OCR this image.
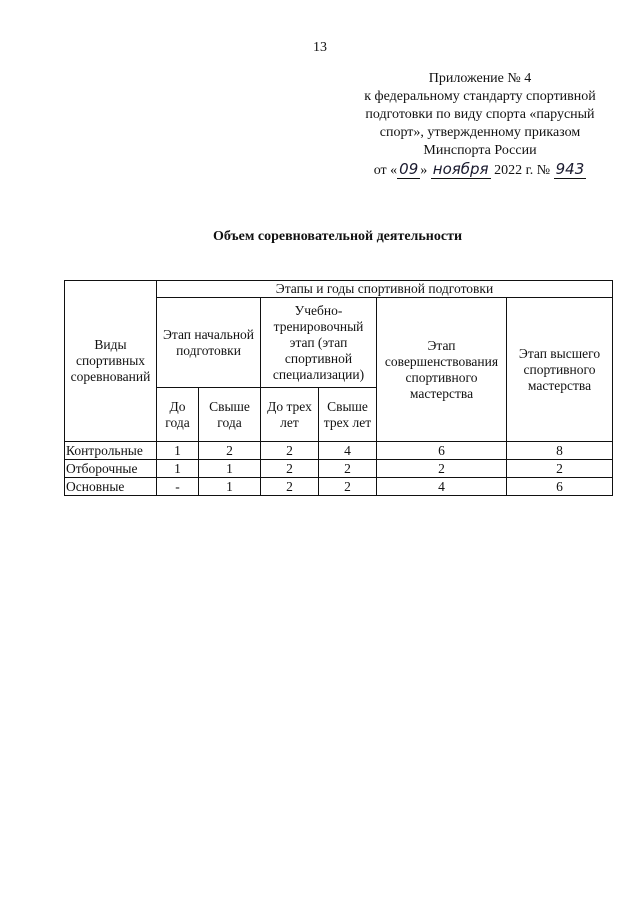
13
Приложение № 4
к федеральному стандарту спортивной
подготовки по виду спорта «парусный
спорт», утвержденному приказом
Минспорта России
от « 09 » ноября 2022 г. № 943
Объем соревновательной деятельности
Виды спортивных соревнований	Этапы и годы спортивной подготовки					
	Этап начальной подготовки		Учебно-тренировочный этап (этап спортивной специализации)		Этап совершенствования спортивного мастерства	Этап высшего спортивного мастерства
	До года	Свыше года	До трех лет	Свыше трех лет		
Контрольные	1	2	2	4	6	8
Отборочные	1	1	2	2	2	2
Основные	-	1	2	2	4	6
